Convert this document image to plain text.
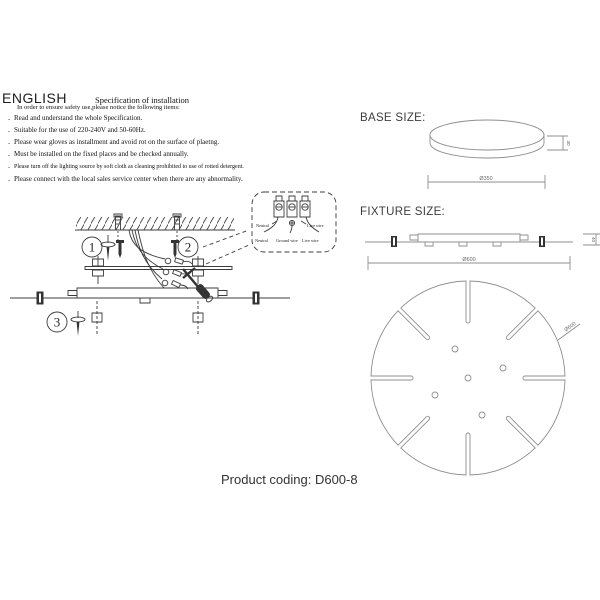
ENGLISH	Specification of installation
In order to ensure safety use,please notice the following items:
. Read and understand the whole Specification.
. Suitable for the use of 220-240V and 50-60Hz.
. Please wear gloves as installment and avoid rot on the surface of plaetng.
. Must be installed on the fixed places and be checked annually.
. Please turn off the lighting source by soft cloth as cleaning prohibited to use of rotted detergent.
. Please connect with the local sales service center when there are any abnormality.
1	2
3
Neutral	Live wire
Neutral Ground wire Live wire
BASE SIZE:
30
Ø350
FIXTURE SIZE:
40
Ø600
Ø600
Product coding: D600-8
